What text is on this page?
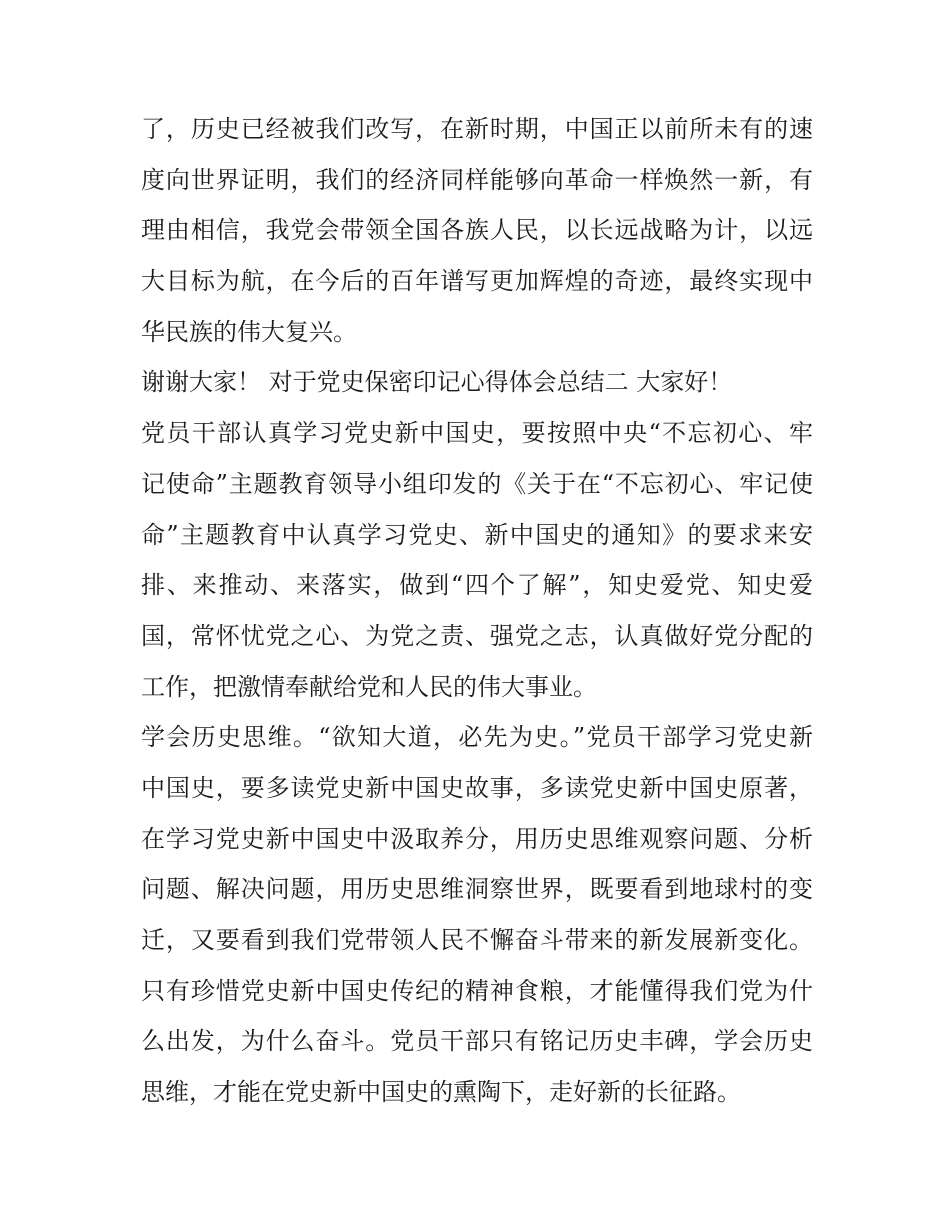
了，历史已经被我们改写，在新时期，中国正以前所未有的速
度向世界证明，我们的经济同样能够向革命一样焕然一新，有
理由相信，我党会带领全国各族人民，以长远战略为计，以远
大目标为航，在今后的百年谱写更加辉煌的奇迹，最终实现中
华民族的伟大复兴。
谢谢大家！ 对于党史保密印记心得体会总结二 大家好！
党员干部认真学习党史新中国史，要按照中央“不忘初心、牢
记使命”主题教育领导小组印发的《关于在“不忘初心、牢记使
命”主题教育中认真学习党史、新中国史的通知》的要求来安
排、来推动、来落实，做到“四个了解”，知史爱党、知史爱
国，常怀忧党之心、为党之责、强党之志，认真做好党分配的
工作，把激情奉献给党和人民的伟大事业。
学会历史思维。“欲知大道，必先为史。”党员干部学习党史新
中国史，要多读党史新中国史故事，多读党史新中国史原著，
在学习党史新中国史中汲取养分，用历史思维观察问题、分析
问题、解决问题，用历史思维洞察世界，既要看到地球村的变
迁，又要看到我们党带领人民不懈奋斗带来的新发展新变化。
只有珍惜党史新中国史传纪的精神食粮，才能懂得我们党为什
么出发，为什么奋斗。党员干部只有铭记历史丰碑，学会历史
思维，才能在党史新中国史的熏陶下，走好新的长征路。
